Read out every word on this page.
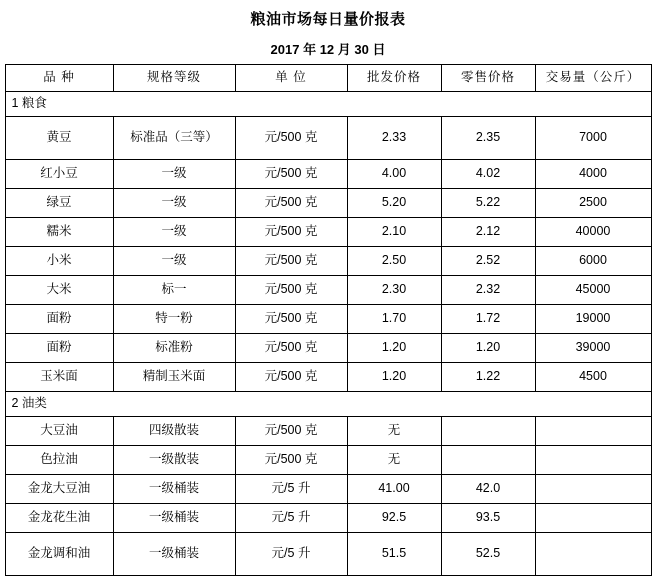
粮油市场每日量价报表
2017 年 12 月 30 日
品 种	规格等级	单 位	批发价格	零售价格	交易量（公斤）
1 粮食					
黄豆	标准品（三等）	元/500 克	2.33	2.35	7000
红小豆	一级	元/500 克	4.00	4.02	4000
绿豆	一级	元/500 克	5.20	5.22	2500
糯米	一级	元/500 克	2.10	2.12	40000
小米	一级	元/500 克	2.50	2.52	6000
大米	标一	元/500 克	2.30	2.32	45000
面粉	特一粉	元/500 克	1.70	1.72	19000
面粉	标准粉	元/500 克	1.20	1.20	39000
玉米面	精制玉米面	元/500 克	1.20	1.22	4500
2 油类					
大豆油	四级散装	元/500 克	无		
色拉油	一级散装	元/500 克	无		
金龙大豆油	一级桶装	元/5 升	41.00	42.0	
金龙花生油	一级桶装	元/5 升	92.5	93.5	
金龙调和油	一级桶装	元/5 升	51.5	52.5	
